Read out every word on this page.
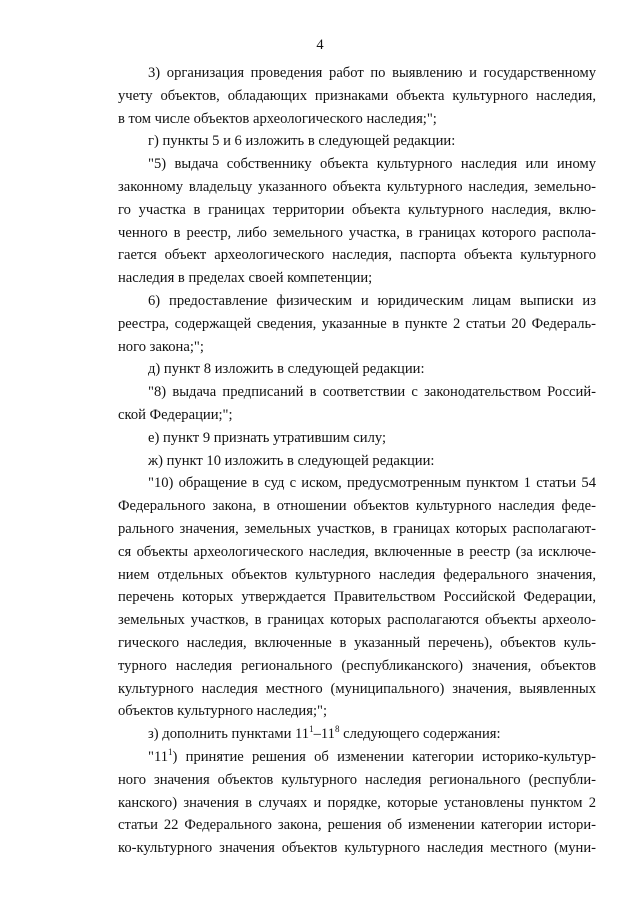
4
3) организация проведения работ по выявлению и государственному
учету объектов, обладающих признаками объекта культурного наследия,
в том числе объектов археологического наследия;";
г) пункты 5 и 6 изложить в следующей редакции:
"5) выдача собственнику объекта культурного наследия или иному
законному владельцу указанного объекта культурного наследия, земельно-
го участка в границах территории объекта культурного наследия, вклю-
ченного в реестр, либо земельного участка, в границах которого распола-
гается объект археологического наследия, паспорта объекта культурного
наследия в пределах своей компетенции;
6) предоставление физическим и юридическим лицам выписки из
реестра, содержащей сведения, указанные в пункте 2 статьи 20 Федераль-
ного закона;";
д) пункт 8 изложить в следующей редакции:
"8) выдача предписаний в соответствии с законодательством Россий-
ской Федерации;";
е) пункт 9 признать утратившим силу;
ж) пункт 10 изложить в следующей редакции:
"10) обращение в суд с иском, предусмотренным пунктом 1 статьи 54
Федерального закона, в отношении объектов культурного наследия феде-
рального значения, земельных участков, в границах которых располагают-
ся объекты археологического наследия, включенные в реестр (за исключе-
нием отдельных объектов культурного наследия федерального значения,
перечень которых утверждается Правительством Российской Федерации,
земельных участков, в границах которых располагаются объекты археоло-
гического наследия, включенные в указанный перечень), объектов куль-
турного наследия регионального (республиканского) значения, объектов
культурного наследия местного (муниципального) значения, выявленных
объектов культурного наследия;";
з) дополнить пунктами $11^1-11^8$ следующего содержания:
"$11^1$) принятие решения об изменении категории историко-культур-
ного значения объектов культурного наследия регионального (республи-
канского) значения в случаях и порядке, которые установлены пунктом 2
статьи 22 Федерального закона, решения об изменении категории истори-
ко-культурного значения объектов культурного наследия местного (муни-
